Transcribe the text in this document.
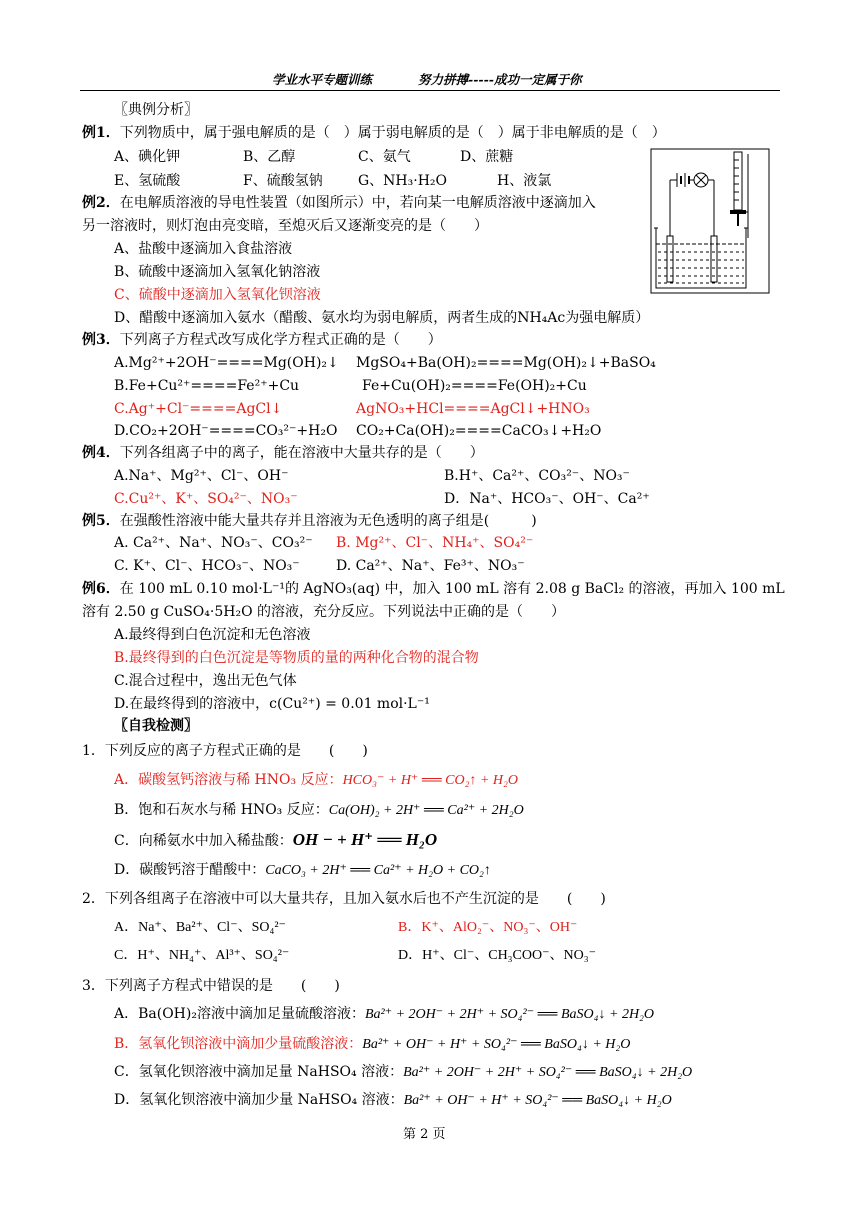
学业水平专题训练	努力拼搏-----成功一定属于你
〖典例分析〗
例1．下列物质中，属于强电解质的是（　）属于弱电解质的是（　）属于非电解质的是（　）
A、碘化钾	B、乙醇	C、氨气	D、蔗糖
E、氢硫酸	F、硫酸氢钠	G、NH₃·H₂O	H、液氯
例2．在电解质溶液的导电性装置（如图所示）中，若向某一电解质溶液中逐滴加入
另一溶液时，则灯泡由亮变暗，至熄灭后又逐渐变亮的是（　　）
A、盐酸中逐滴加入食盐溶液
B、硫酸中逐滴加入氢氧化钠溶液
C、硫酸中逐滴加入氢氧化钡溶液
D、醋酸中逐滴加入氨水（醋酸、氨水均为弱电解质，两者生成的NH₄Ac为强电解质）
例3．下列离子方程式改写成化学方程式正确的是（　　）
A.Mg²⁺+2OH⁻====Mg(OH)₂↓ MgSO₄+Ba(OH)₂====Mg(OH)₂↓+BaSO₄
B.Fe+Cu²⁺====Fe²⁺+Cu	Fe+Cu(OH)₂====Fe(OH)₂+Cu
C.Ag⁺+Cl⁻====AgCl↓	AgNO₃+HCl====AgCl↓+HNO₃
D.CO₂+2OH⁻====CO₃²⁻+H₂O CO₂+Ca(OH)₂====CaCO₃↓+H₂O
例4．下列各组离子中的离子，能在溶液中大量共存的是（　　）
A.Na⁺、Mg²⁺、Cl⁻、OH⁻	B.H⁺、Ca²⁺、CO₃²⁻、NO₃⁻
C.Cu²⁺、K⁺、SO₄²⁻、NO₃⁻	D．Na⁺、HCO₃⁻、OH⁻、Ca²⁺
例5．在强酸性溶液中能大量共存并且溶液为无色透明的离子组是(　　　)
A. Ca²⁺、Na⁺、NO₃⁻、CO₃²⁻ B. Mg²⁺、Cl⁻、NH₄⁺、SO₄²⁻
C. K⁺、Cl⁻、HCO₃⁻、NO₃⁻	D. Ca²⁺、Na⁺、Fe³⁺、NO₃⁻
例6．在 100 mL 0.10 mol·L⁻¹的 AgNO₃(aq) 中，加入 100 mL 溶有 2.08 g BaCl₂ 的溶液，再加入 100 mL
溶有 2.50 g CuSO₄·5H₂O 的溶液，充分反应。下列说法中正确的是（　　）
A.最终得到白色沉淀和无色溶液
B.最终得到的白色沉淀是等物质的量的两种化合物的混合物
C.混合过程中，逸出无色气体
D.在最终得到的溶液中，c(Cu²⁺) = 0.01 mol·L⁻¹
〖自我检测〗
1．下列反应的离子方程式正确的是　　(　　)
A．碳酸氢钙溶液与稀 HNO₃ 反应：HCO₃⁻ + H⁺ ══ CO₂↑ + H₂O
B．饱和石灰水与稀 HNO₃ 反应：Ca(OH)₂ + 2H⁺ ══ Ca²⁺ + 2H₂O
C．向稀氨水中加入稀盐酸：OH − + H⁺ ══ H₂O
D．碳酸钙溶于醋酸中：CaCO₃ + 2H⁺ ══ Ca²⁺ + H₂O + CO₂↑
2．下列各组离子在溶液中可以大量共存，且加入氨水后也不产生沉淀的是　　(　　)
A．Na⁺、Ba²⁺、Cl⁻、SO₄²⁻	B．K⁺、AlO₂⁻、NO₃⁻、OH⁻
C．H⁺、NH₄⁺、Al³⁺、SO₄²⁻	D．H⁺、Cl⁻、CH₃COO⁻、NO₃⁻
3．下列离子方程式中错误的是　　(　　)
A．Ba(OH)₂溶液中滴加足量硫酸溶液：Ba²⁺ + 2OH⁻ + 2H⁺ + SO₄²⁻ ══ BaSO₄↓ + 2H₂O
B．氢氧化钡溶液中滴加少量硫酸溶液：Ba²⁺ + OH⁻ + H⁺ + SO₄²⁻ ══ BaSO₄↓ + H₂O
C．氢氧化钡溶液中滴加足量 NaHSO₄ 溶液：Ba²⁺ + 2OH⁻ + 2H⁺ + SO₄²⁻ ══ BaSO₄↓ + 2H₂O
D．氢氧化钡溶液中滴加少量 NaHSO₄ 溶液：Ba²⁺ + OH⁻ + H⁺ + SO₄²⁻ ══ BaSO₄↓ + H₂O
第 2 页
